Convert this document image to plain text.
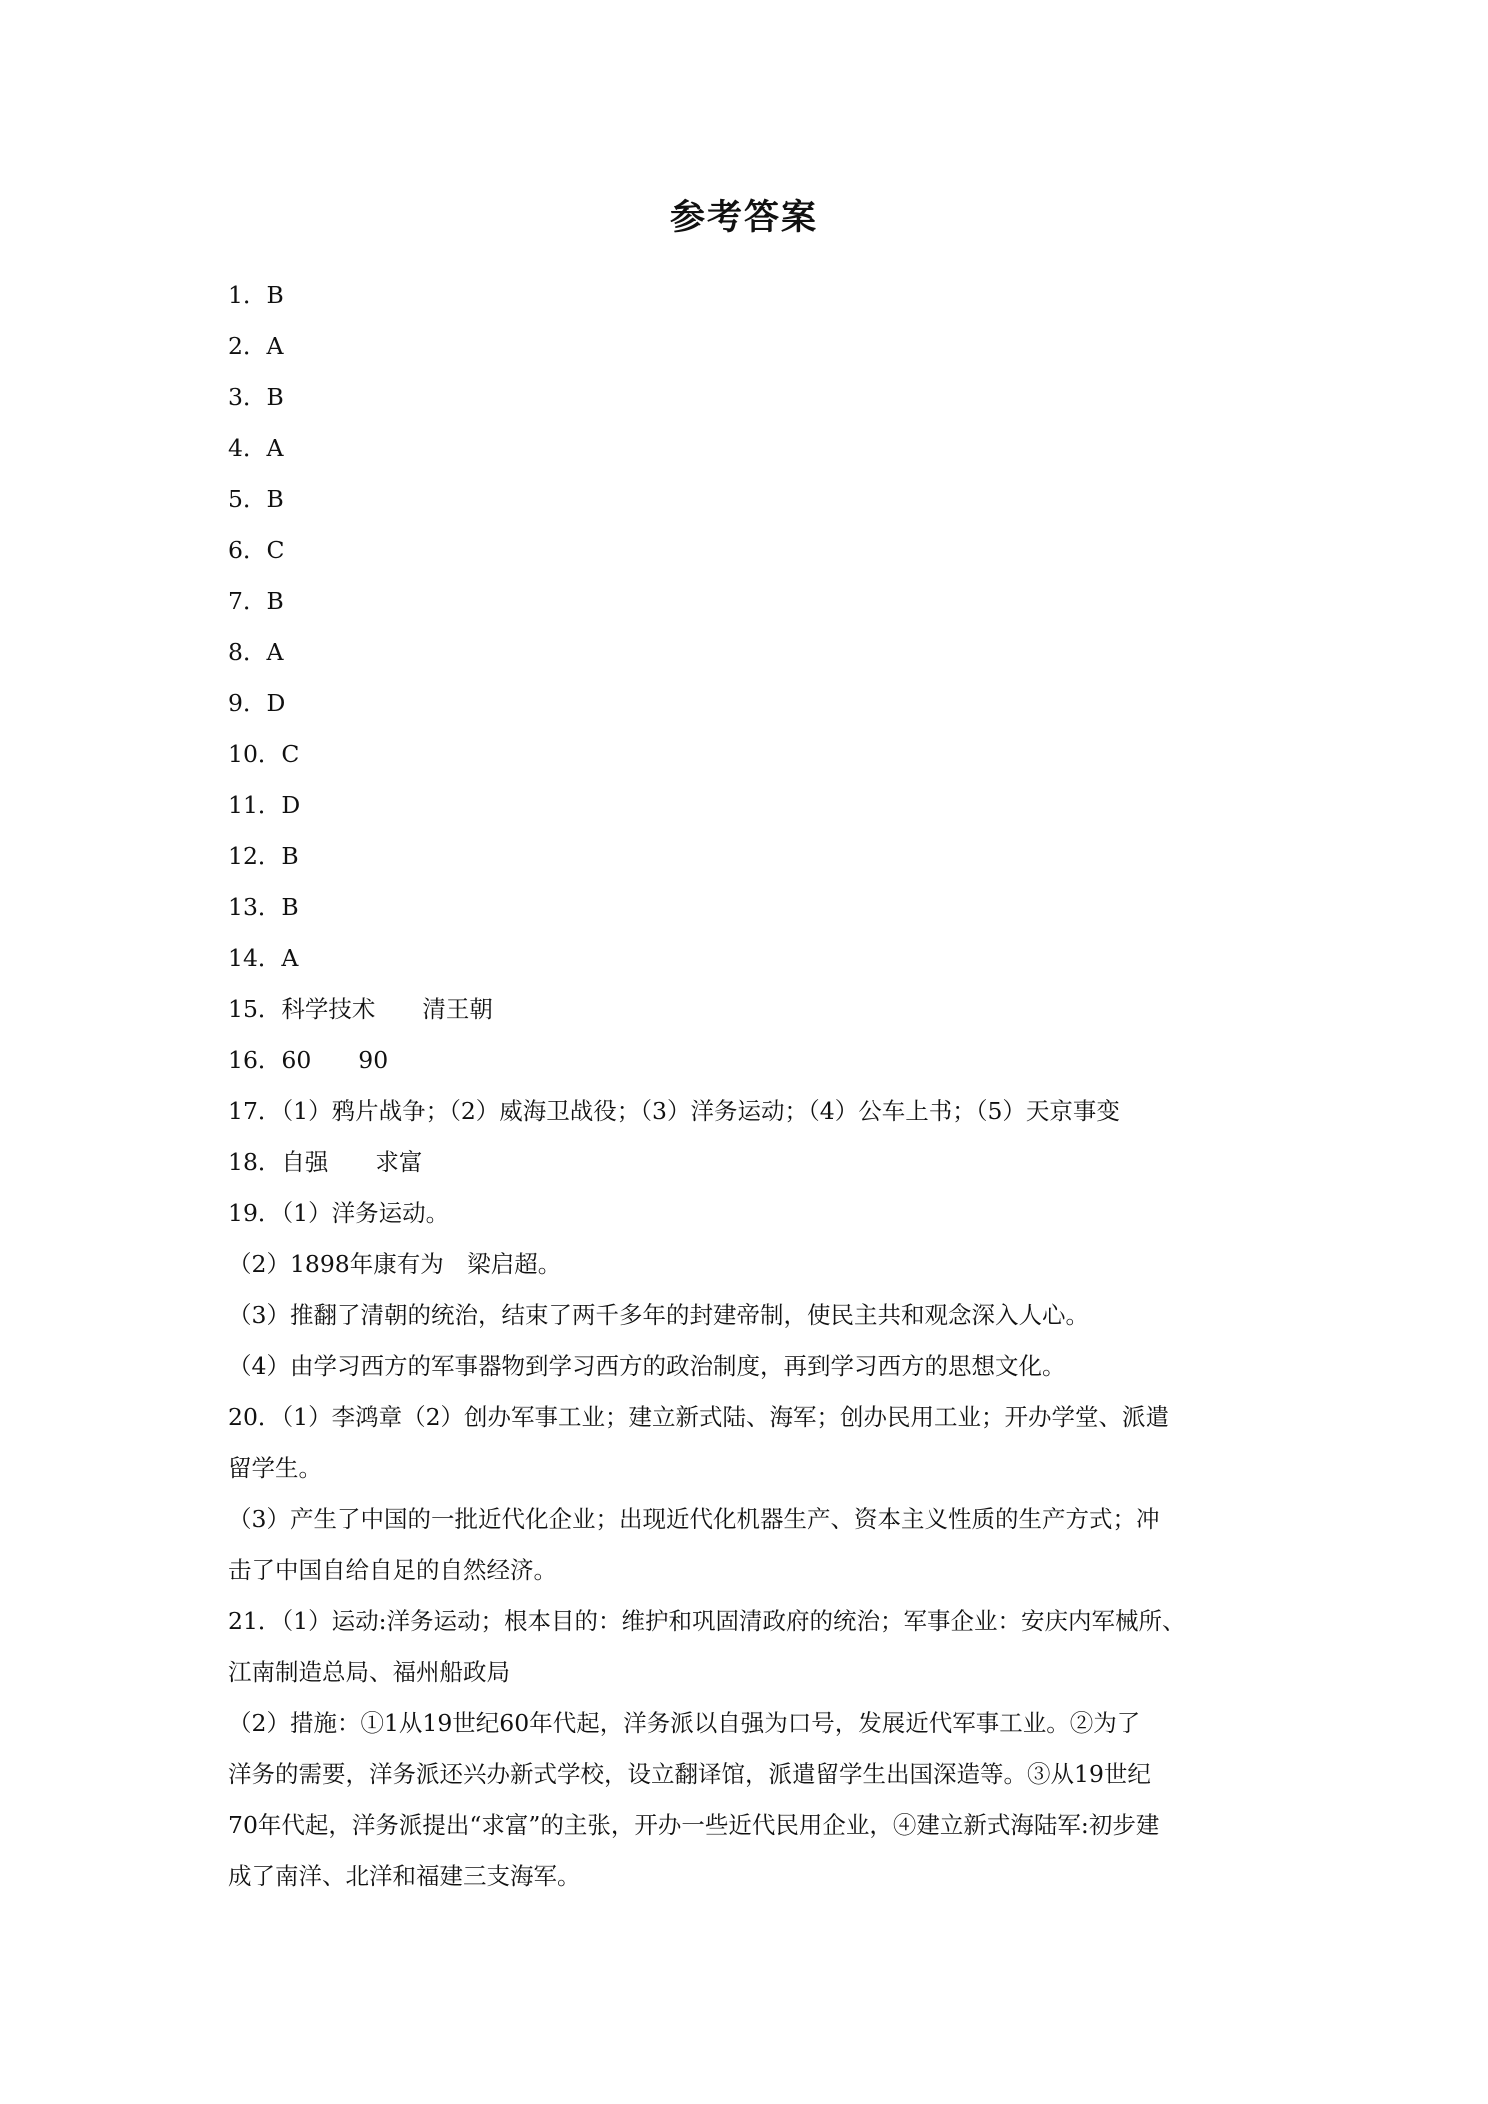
参考答案
1．B
2．A
3．B
4．A
5．B
6．C
7．B
8．A
9．D
10．C
11．D
12．B
13．B
14．A
15．科学技术　　清王朝
16．60　　90
17．（1）鸦片战争；（2）威海卫战役；（3）洋务运动；（4）公车上书；（5）天京事变
18．自强　　求富
19．（1）洋务运动。
（2）1898年康有为　梁启超。
（3）推翻了清朝的统治，结束了两千多年的封建帝制，使民主共和观念深入人心。
（4）由学习西方的军事器物到学习西方的政治制度，再到学习西方的思想文化。
20．（1）李鸿章（2）创办军事工业；建立新式陆、海军；创办民用工业；开办学堂、派遣
留学生。
（3）产生了中国的一批近代化企业；出现近代化机器生产、资本主义性质的生产方式；冲
击了中国自给自足的自然经济。
21．（1）运动:洋务运动；根本目的：维护和巩固清政府的统治；军事企业：安庆内军械所、
江南制造总局、福州船政局
（2）措施：①1从19世纪60年代起，洋务派以自强为口号，发展近代军事工业。②为了
洋务的需要，洋务派还兴办新式学校，设立翻译馆，派遣留学生出国深造等。③从19世纪
70年代起，洋务派提出“求富”的主张，开办一些近代民用企业，④建立新式海陆军:初步建
成了南洋、北洋和福建三支海军。
